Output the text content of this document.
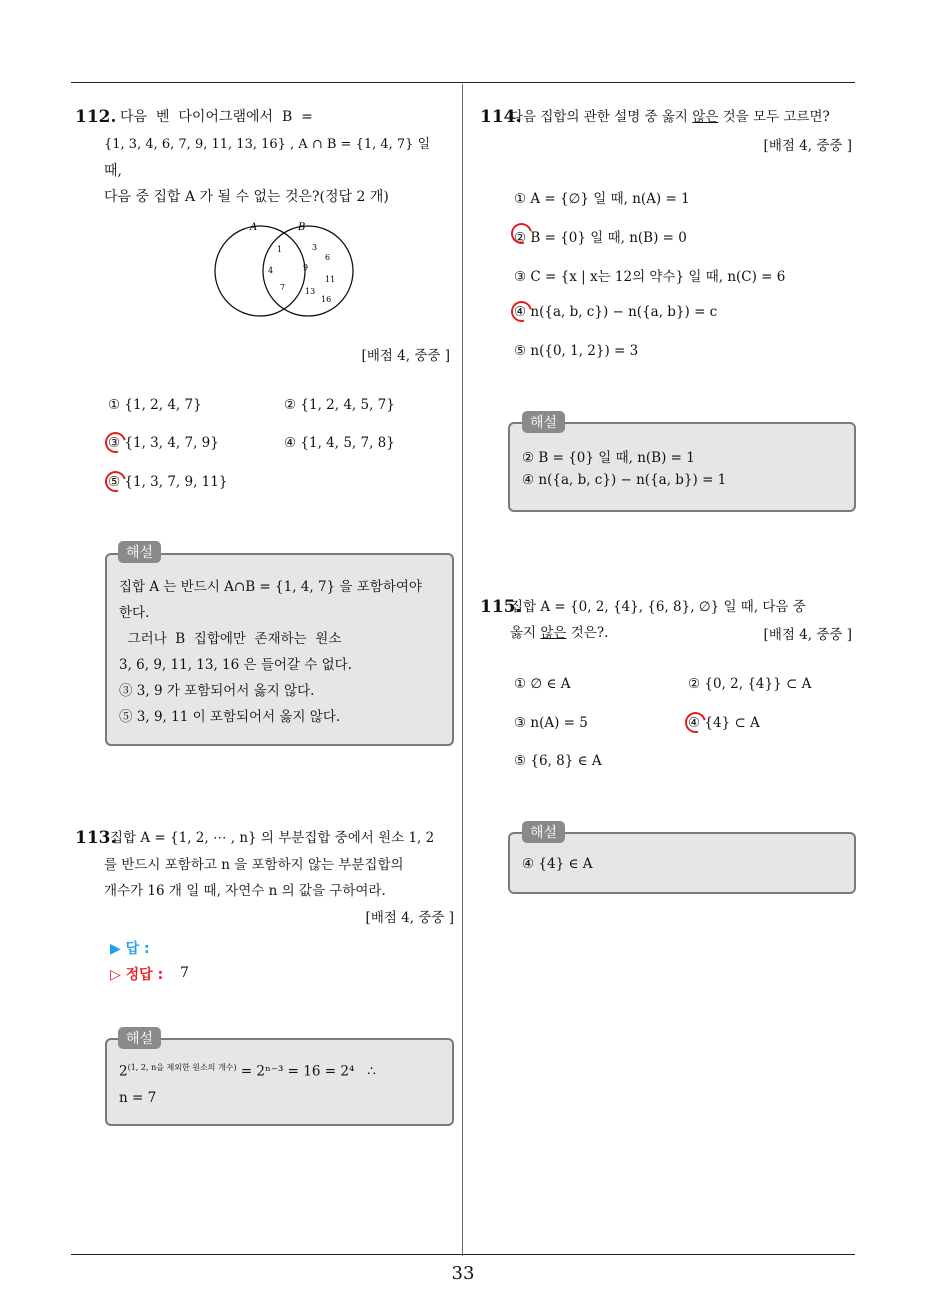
112. 다음  벤  다이어그램에서  B  =
{1, 3, 4, 6, 7, 9, 11, 13, 16} , A ∩ B = {1, 4, 7} 일
때,
다음 중 집합 A 가 될 수 없는 것은?(정답 2 개)
A	B
1
4
7
3
6
9
11
13
16
[배점 4, 중중 ]
① {1, 2, 4, 7}	② {1, 2, 4, 5, 7}
③ {1, 3, 4, 7, 9}	④ {1, 4, 5, 7, 8}
⑤ {1, 3, 7, 9, 11}
집합 A 는 반드시 A∩B = {1, 4, 7} 을 포함하여야
한다.
그러나  B  집합에만  존재하는  원소
3, 6, 9, 11, 13, 16 은 들어갈 수 없다.
③ 3, 9 가 포함되어서 옳지 않다.
⑤ 3, 9, 11 이 포함되어서 옳지 않다.
해설
113.
집합 A = {1, 2, ⋯ , n} 의 부분집합 중에서 원소 1, 2
를 반드시 포함하고 n 을 포함하지 않는 부분집합의
개수가 16 개 일 때, 자연수 n 의 값을 구하여라.
[배점 4, 중중 ]
▶ 답 :
▷ 정답 : 7
$2^{(1, 2, n을 제외한 원소의 개수)} = 2^{n-3} = 16 = 2^4$   ∴
n = 7
해설
114.
다음 집합의 관한 설명 중 옳지 않은 것을 모두 고르면?
[배점 4, 중중 ]
① A = {∅} 일 때, n(A) = 1
② B = {0} 일 때, n(B) = 0
③ C = {x | x는 12의 약수} 일 때, n(C) = 6
④ n({a, b, c}) − n({a, b}) = c
⑤ n({0, 1, 2}) = 3
② B = {0} 일 때, n(B) = 1
④ n({a, b, c}) − n({a, b}) = 1
해설
115.
집합 A = {0, 2, {4}, {6, 8}, ∅} 일 때, 다음 중
옳지 않은 것은?.	[배점 4, 중중 ]
① ∅ ∈ A	② {0, 2, {4}} ⊂ A
③ n(A) = 5	④ {4} ⊂ A
⑤ {6, 8} ∈ A
④ {4} ∈ A
해설
33
